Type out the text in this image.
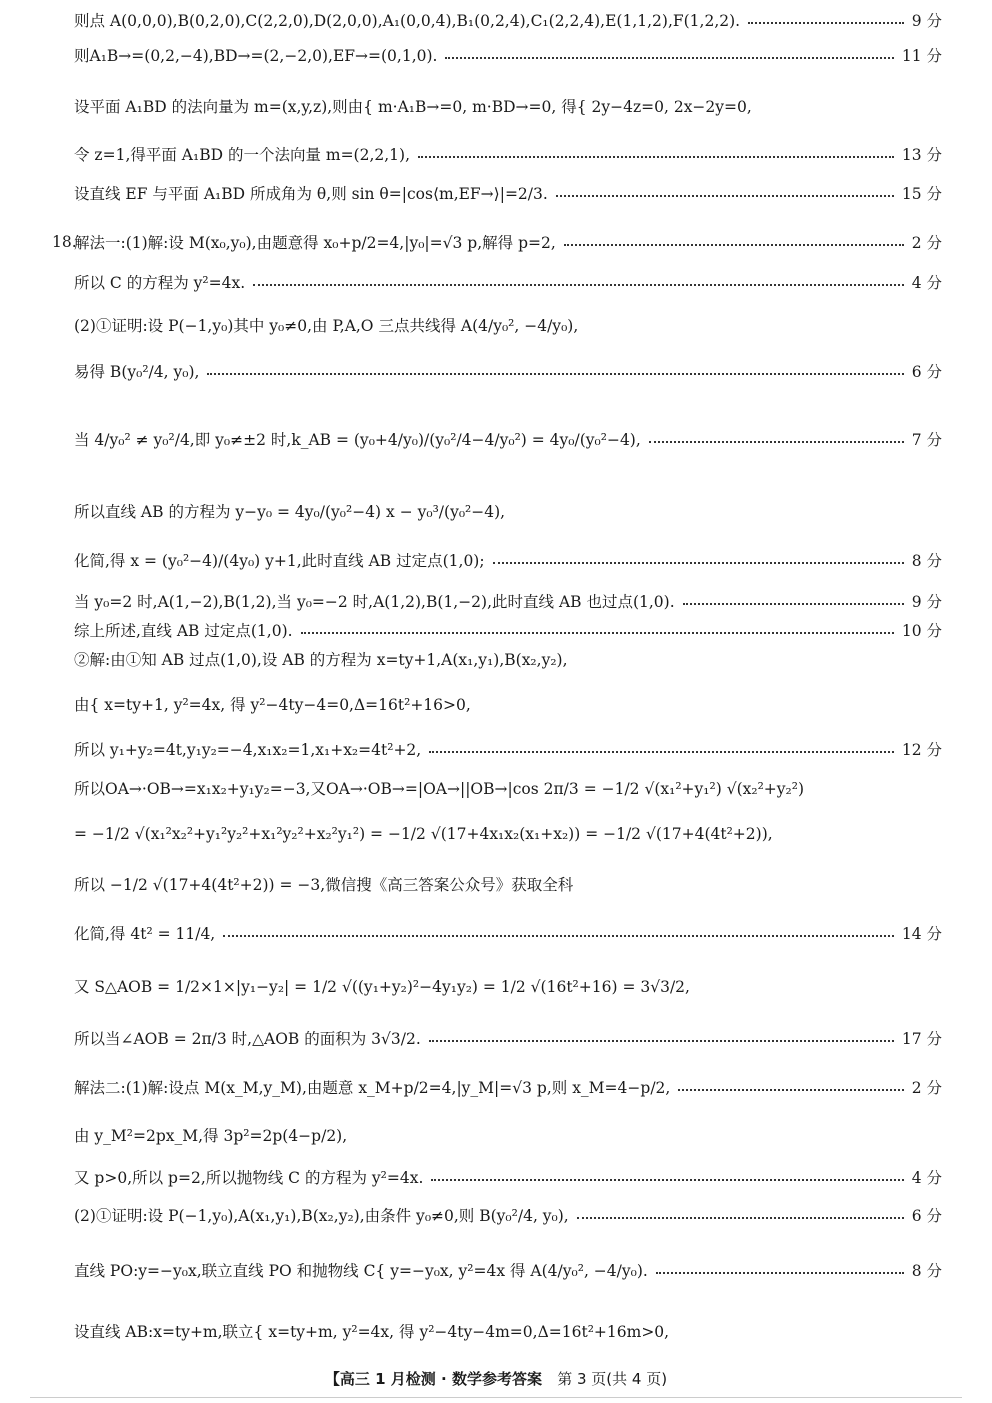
则点 A(0,0,0),B(0,2,0),C(2,2,0),D(2,0,0),A₁(0,0,4),B₁(0,2,4),C₁(2,2,4),E(1,1,2),F(1,2,2).	9 分
则A₁B→=(0,2,−4),BD→=(2,−2,0),EF→=(0,1,0).	11 分
设平面 A₁BD 的法向量为 m=(x,y,z),则由{ m·A₁B→=0, m·BD→=0, 得{ 2y−4z=0, 2x−2y=0,
令 z=1,得平面 A₁BD 的一个法向量 m=(2,2,1),	13 分
设直线 EF 与平面 A₁BD 所成角为 θ,则 sin θ=|cos⟨m,EF→⟩|=2/3.	15 分
18.
解法一:(1)解:设 M(x₀,y₀),由题意得 x₀+p/2=4,|y₀|=√3 p,解得 p=2,	2 分
所以 C 的方程为 y²=4x.	4 分
(2)①证明:设 P(−1,y₀)其中 y₀≠0,由 P,A,O 三点共线得 A(4/y₀², −4/y₀),
易得 B(y₀²/4, y₀),	6 分
当 4/y₀² ≠ y₀²/4,即 y₀≠±2 时,k_AB = (y₀+4/y₀)/(y₀²/4−4/y₀²) = 4y₀/(y₀²−4),	7 分
所以直线 AB 的方程为 y−y₀ = 4y₀/(y₀²−4) x − y₀³/(y₀²−4),
化简,得 x = (y₀²−4)/(4y₀) y+1,此时直线 AB 过定点(1,0);	8 分
当 y₀=2 时,A(1,−2),B(1,2),当 y₀=−2 时,A(1,2),B(1,−2),此时直线 AB 也过点(1,0).	9 分
综上所述,直线 AB 过定点(1,0).	10 分
②解:由①知 AB 过点(1,0),设 AB 的方程为 x=ty+1,A(x₁,y₁),B(x₂,y₂),
由{ x=ty+1, y²=4x, 得 y²−4ty−4=0,Δ=16t²+16>0,
所以 y₁+y₂=4t,y₁y₂=−4,x₁x₂=1,x₁+x₂=4t²+2,	12 分
所以OA→·OB→=x₁x₂+y₁y₂=−3,又OA→·OB→=|OA→||OB→|cos 2π/3 = −1/2 √(x₁²+y₁²) √(x₂²+y₂²)
= −1/2 √(x₁²x₂²+y₁²y₂²+x₁²y₂²+x₂²y₁²) = −1/2 √(17+4x₁x₂(x₁+x₂)) = −1/2 √(17+4(4t²+2)),
所以 −1/2 √(17+4(4t²+2)) = −3,微信搜《高三答案公众号》获取全科
化简,得 4t² = 11/4,	14 分
又 S△AOB = 1/2×1×|y₁−y₂| = 1/2 √((y₁+y₂)²−4y₁y₂) = 1/2 √(16t²+16) = 3√3/2,
所以当∠AOB = 2π/3 时,△AOB 的面积为 3√3/2.	17 分
解法二:(1)解:设点 M(x_M,y_M),由题意 x_M+p/2=4,|y_M|=√3 p,则 x_M=4−p/2,	2 分
由 y_M²=2px_M,得 3p²=2p(4−p/2),
又 p>0,所以 p=2,所以抛物线 C 的方程为 y²=4x.	4 分
(2)①证明:设 P(−1,y₀),A(x₁,y₁),B(x₂,y₂),由条件 y₀≠0,则 B(y₀²/4, y₀),	6 分
直线 PO:y=−y₀x,联立直线 PO 和抛物线 C{ y=−y₀x, y²=4x 得 A(4/y₀², −4/y₀).	8 分
设直线 AB:x=ty+m,联立{ x=ty+m, y²=4x, 得 y²−4ty−4m=0,Δ=16t²+16m>0,
【高三 1 月检测 · 数学参考答案 第 3 页(共 4 页)
